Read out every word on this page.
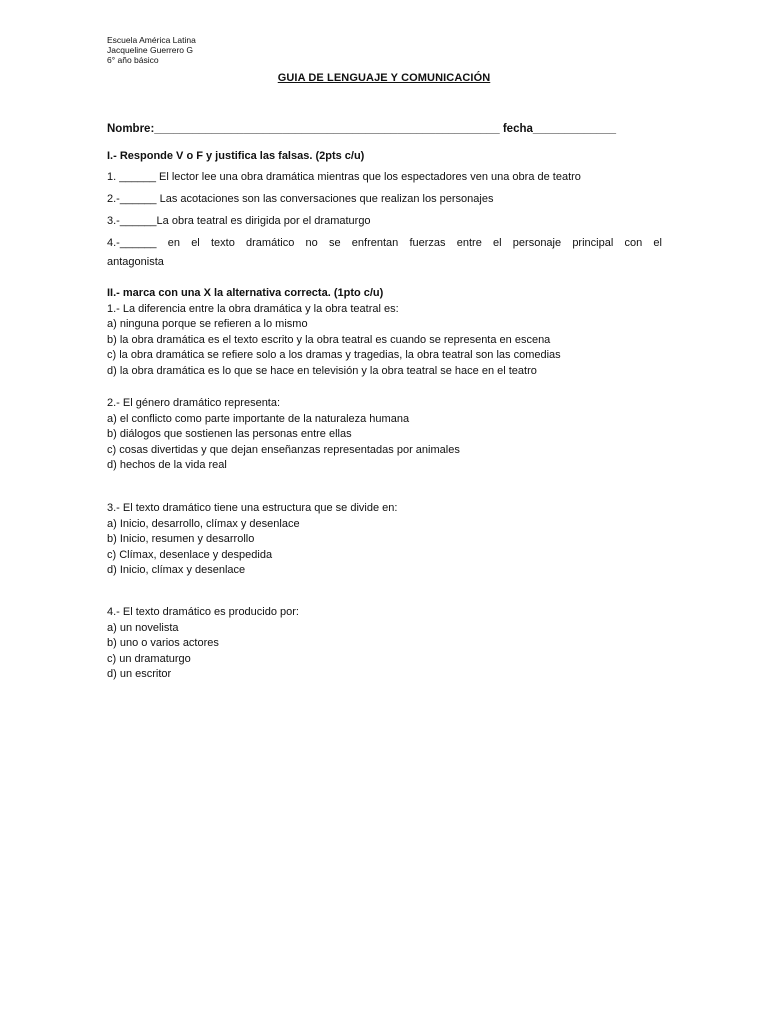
Escuela América Latina
Jacqueline Guerrero G
6° año básico
GUIA DE LENGUAJE Y COMUNICACIÓN
Nombre:______________________________________________________ fecha_____________
I.- Responde V o F y justifica las falsas. (2pts c/u)
1. ______ El lector lee una obra dramática mientras que los espectadores ven una obra de teatro
2.-______ Las acotaciones son las conversaciones que realizan los personajes
3.-______La obra teatral es dirigida por el dramaturgo
4.-______ en el texto dramático no se enfrentan fuerzas entre el personaje principal con el
antagonista
II.- marca con una X la alternativa correcta. (1pto c/u)
1.- La diferencia entre la obra dramática y la obra teatral es:
a) ninguna porque se refieren a lo mismo
b) la obra dramática es el texto escrito y la obra teatral es cuando se representa en escena
c) la obra dramática se refiere solo a los dramas y tragedias, la obra teatral son las comedias
d) la obra dramática es lo que se hace en televisión y la obra teatral se hace en el teatro
2.- El género dramático representa:
a) el conflicto como parte importante de la naturaleza humana
b) diálogos que sostienen las personas entre ellas
c) cosas divertidas y que dejan enseñanzas representadas por animales
d) hechos de la vida real
3.- El texto dramático tiene una estructura que se divide en:
a) Inicio, desarrollo, clímax y desenlace
b) Inicio, resumen y desarrollo
c) Clímax, desenlace y despedida
d) Inicio, clímax y desenlace
4.- El texto dramático es producido por:
a) un novelista
b) uno o varios actores
c) un dramaturgo
d) un escritor
